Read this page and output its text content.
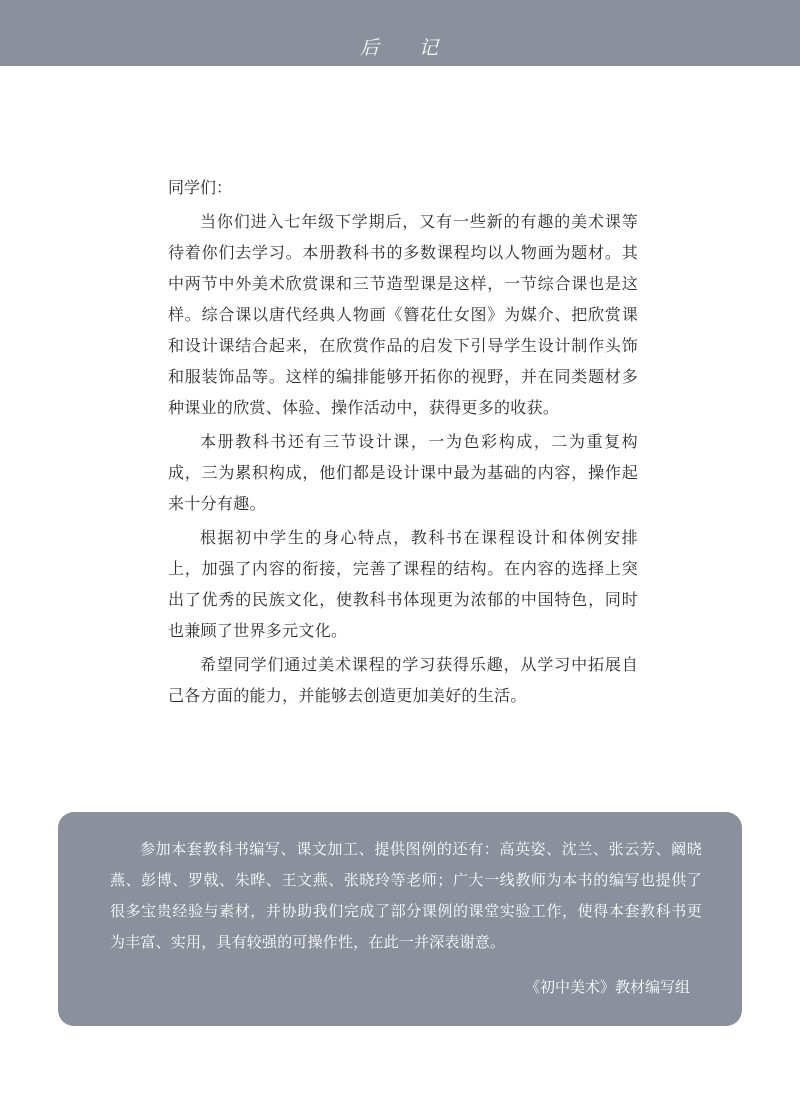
后 记
同学们：

当你们进入七年级下学期后，又有一些新的有趣的美术课等待着你们去学习。本册教科书的多数课程均以人物画为题材。其中两节中外美术欣赏课和三节造型课是这样，一节综合课也是这样。综合课以唐代经典人物画《簪花仕女图》为媒介、把欣赏课和设计课结合起来，在欣赏作品的启发下引导学生设计制作头饰和服装饰品等。这样的编排能够开拓你的视野，并在同类题材多种课业的欣赏、体验、操作活动中，获得更多的收获。

本册教科书还有三节设计课，一为色彩构成，二为重复构成，三为累积构成，他们都是设计课中最为基础的内容，操作起来十分有趣。

根据初中学生的身心特点，教科书在课程设计和体例安排上，加强了内容的衔接，完善了课程的结构。在内容的选择上突出了优秀的民族文化，使教科书体现更为浓郁的中国特色，同时也兼顾了世界多元文化。

希望同学们通过美术课程的学习获得乐趣，从学习中拓展自己各方面的能力，并能够去创造更加美好的生活。

参加本套教科书编写、课文加工、提供图例的还有：高英姿、沈兰、张云芳、阚晓燕、彭博、罗戟、朱晔、王文燕、张晓玲等老师；广大一线教师为本书的编写也提供了很多宝贵经验与素材，并协助我们完成了部分课例的课堂实验工作，使得本套教科书更为丰富、实用，具有较强的可操作性，在此一并深表谢意。

《初中美术》教材编写组
